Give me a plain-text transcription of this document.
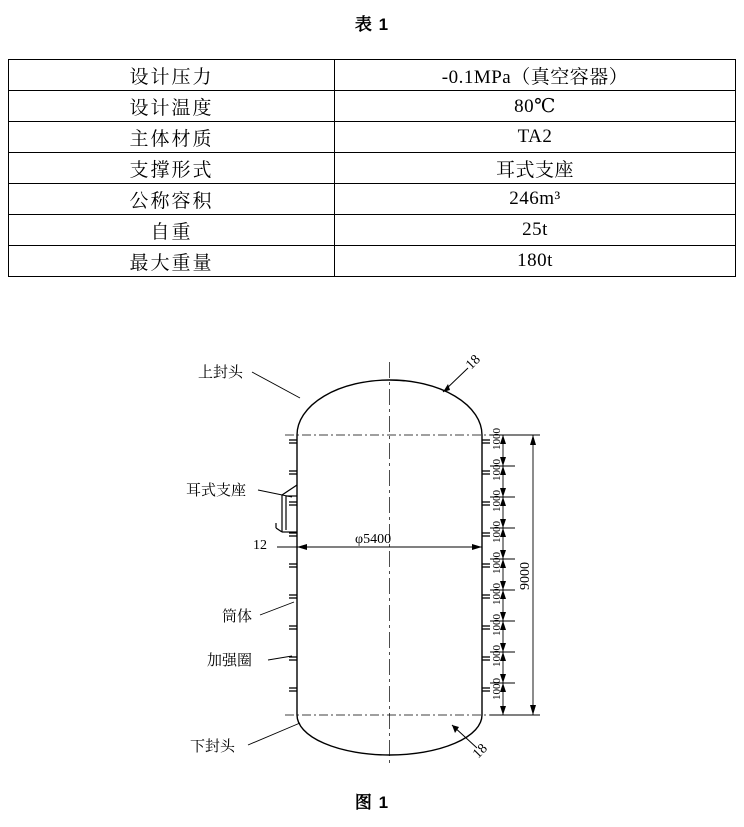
表 1
设计压力	-0.1MPa（真空容器）
设计温度	80℃
主体材质	TA2
支撑形式	耳式支座
公称容积	246m³
自重	25t
最大重量	180t
上封头
耳式支座
筒体
加强圈
下封头
18
18
12	φ5400
1000
1000
1000
1000
1000
1000
1000
1000
1000
9000
图 1
